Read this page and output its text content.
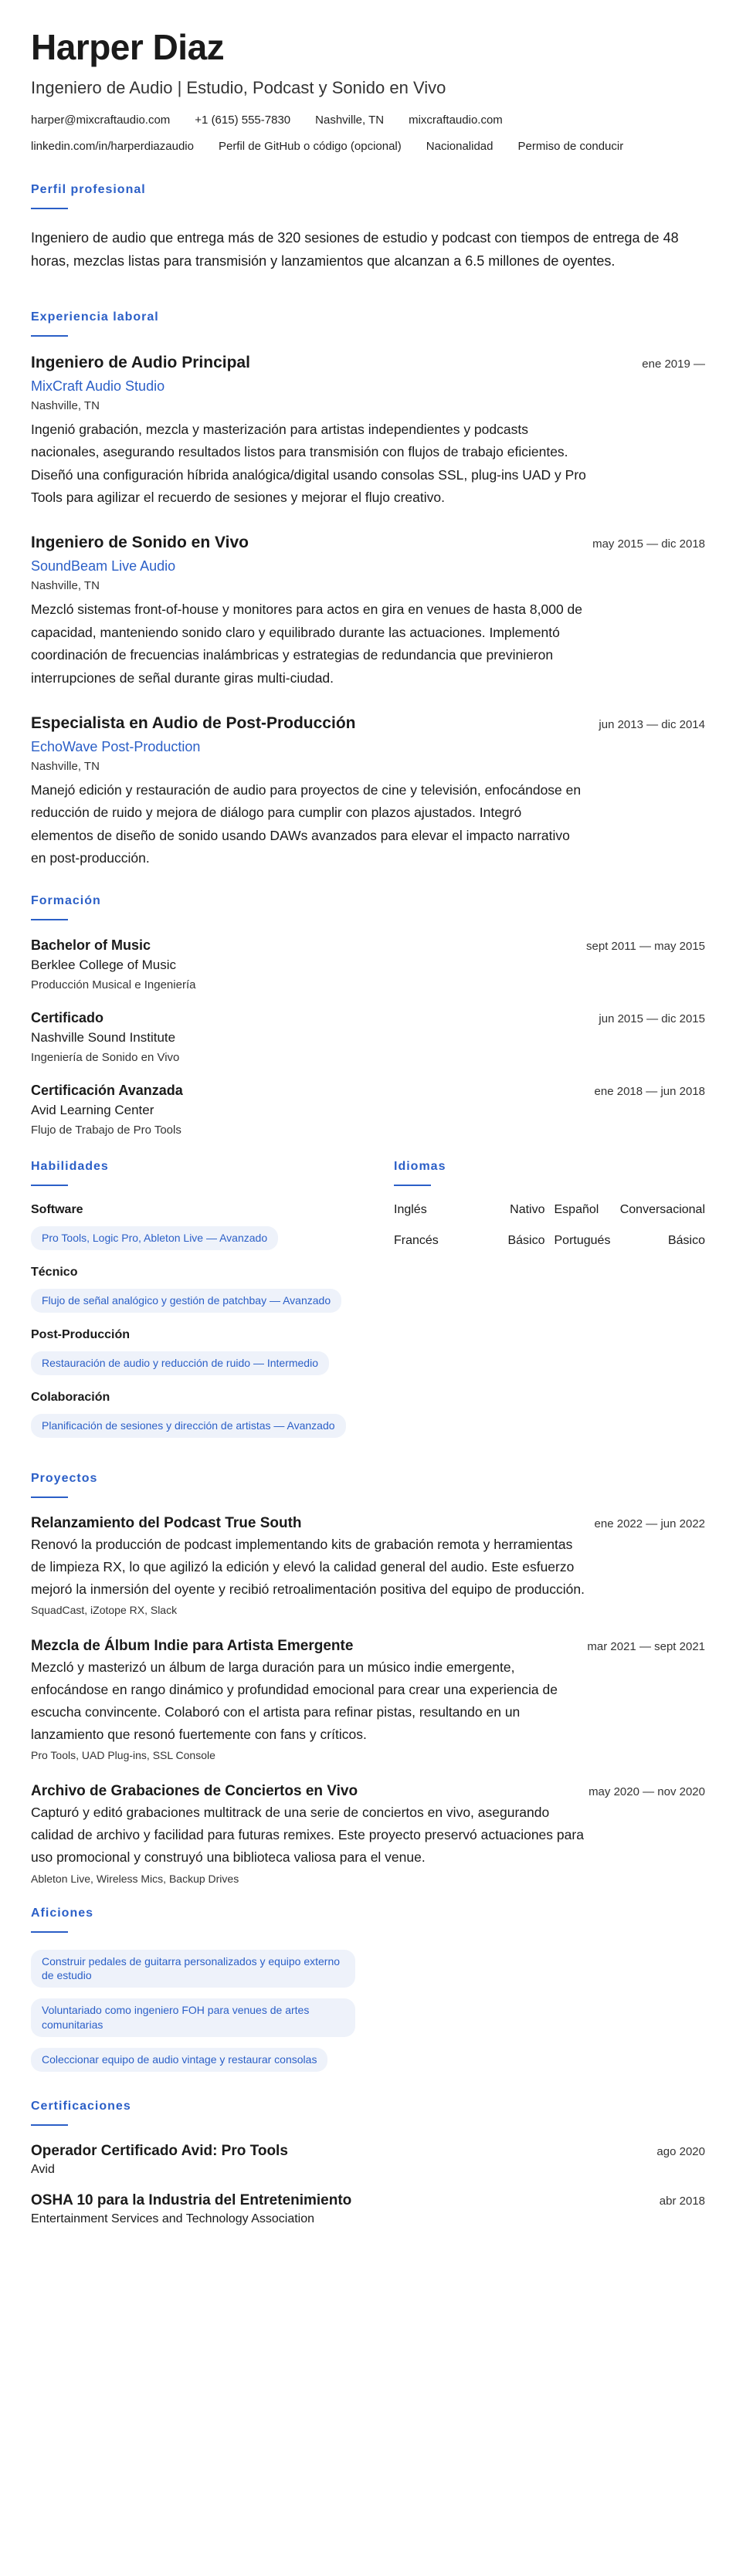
Harper Diaz
Ingeniero de Audio | Estudio, Podcast y Sonido en Vivo
harper@mixcraftaudio.com +1 (615) 555-7830 Nashville, TN mixcraftaudio.com
linkedin.com/in/harperdiazaudio Perfil de GitHub o código (opcional) Nacionalidad Permiso de conducir
Perfil profesional

Ingeniero de audio que entrega más de 320 sesiones de estudio y podcast con tiempos de entrega de 48 horas, mezclas listas para transmisión y lanzamientos que alcanzan a 6.5 millones de oyentes.

Experiencia laboral
Ingeniero de Audio Principal	ene 2019 —
MixCraft Audio Studio
Nashville, TN

Ingenió grabación, mezcla y masterización para artistas independientes y podcasts nacionales, asegurando resultados listos para transmisión con flujos de trabajo eficientes. Diseñó una configuración híbrida analógica/digital usando consolas SSL, plug-ins UAD y Pro Tools para agilizar el recuerdo de sesiones y mejorar el flujo creativo.

Ingeniero de Sonido en Vivo	may 2015 — dic 2018
SoundBeam Live Audio
Nashville, TN

Mezcló sistemas front-of-house y monitores para actos en gira en venues de hasta 8,000 de capacidad, manteniendo sonido claro y equilibrado durante las actuaciones. Implementó coordinación de frecuencias inalámbricas y estrategias de redundancia que previnieron interrupciones de señal durante giras multi-ciudad.

Especialista en Audio de Post-Producción	jun 2013 — dic 2014
EchoWave Post-Production
Nashville, TN

Manejó edición y restauración de audio para proyectos de cine y televisión, enfocándose en reducción de ruido y mejora de diálogo para cumplir con plazos ajustados. Integró elementos de diseño de sonido usando DAWs avanzados para elevar el impacto narrativo en post-producción.

Formación
Bachelor of Music	sept 2011 — may 2015
Berklee College of Music
Producción Musical e Ingeniería
Certificado	jun 2015 — dic 2015
Nashville Sound Institute
Ingeniería de Sonido en Vivo
Certificación Avanzada	ene 2018 — jun 2018
Avid Learning Center
Flujo de Trabajo de Pro Tools
Habilidades
Software
Pro Tools, Logic Pro, Ableton Live — Avanzado
Técnico
Flujo de señal analógico y gestión de patchbay — Avanzado
Post-Producción
Restauración de audio y reducción de ruido — Intermedio
Colaboración
Planificación de sesiones y dirección de artistas — Avanzado
Idiomas
Inglés	Nativo Español Conversacional
Francés	Básico Portugués	Básico
Proyectos
Relanzamiento del Podcast True South	ene 2022 — jun 2022

Renovó la producción de podcast implementando kits de grabación remota y herramientas de limpieza RX, lo que agilizó la edición y elevó la calidad general del audio. Este esfuerzo mejoró la inmersión del oyente y recibió retroalimentación positiva del equipo de producción.

SquadCast, iZotope RX, Slack
Mezcla de Álbum Indie para Artista Emergente	mar 2021 — sept 2021

Mezcló y masterizó un álbum de larga duración para un músico indie emergente, enfocándose en rango dinámico y profundidad emocional para crear una experiencia de escucha convincente. Colaboró con el artista para refinar pistas, resultando en un lanzamiento que resonó fuertemente con fans y críticos.

Pro Tools, UAD Plug-ins, SSL Console
Archivo de Grabaciones de Conciertos en Vivo	may 2020 — nov 2020

Capturó y editó grabaciones multitrack de una serie de conciertos en vivo, asegurando calidad de archivo y facilidad para futuras remixes. Este proyecto preservó actuaciones para uso promocional y construyó una biblioteca valiosa para el venue.

Ableton Live, Wireless Mics, Backup Drives
Aficiones
Construir pedales de guitarra personalizados y equipo externo de estudio
Voluntariado como ingeniero FOH para venues de artes comunitarias
Coleccionar equipo de audio vintage y restaurar consolas
Certificaciones
Operador Certificado Avid: Pro Tools	ago 2020
Avid
OSHA 10 para la Industria del Entretenimiento	abr 2018
Entertainment Services and Technology Association
